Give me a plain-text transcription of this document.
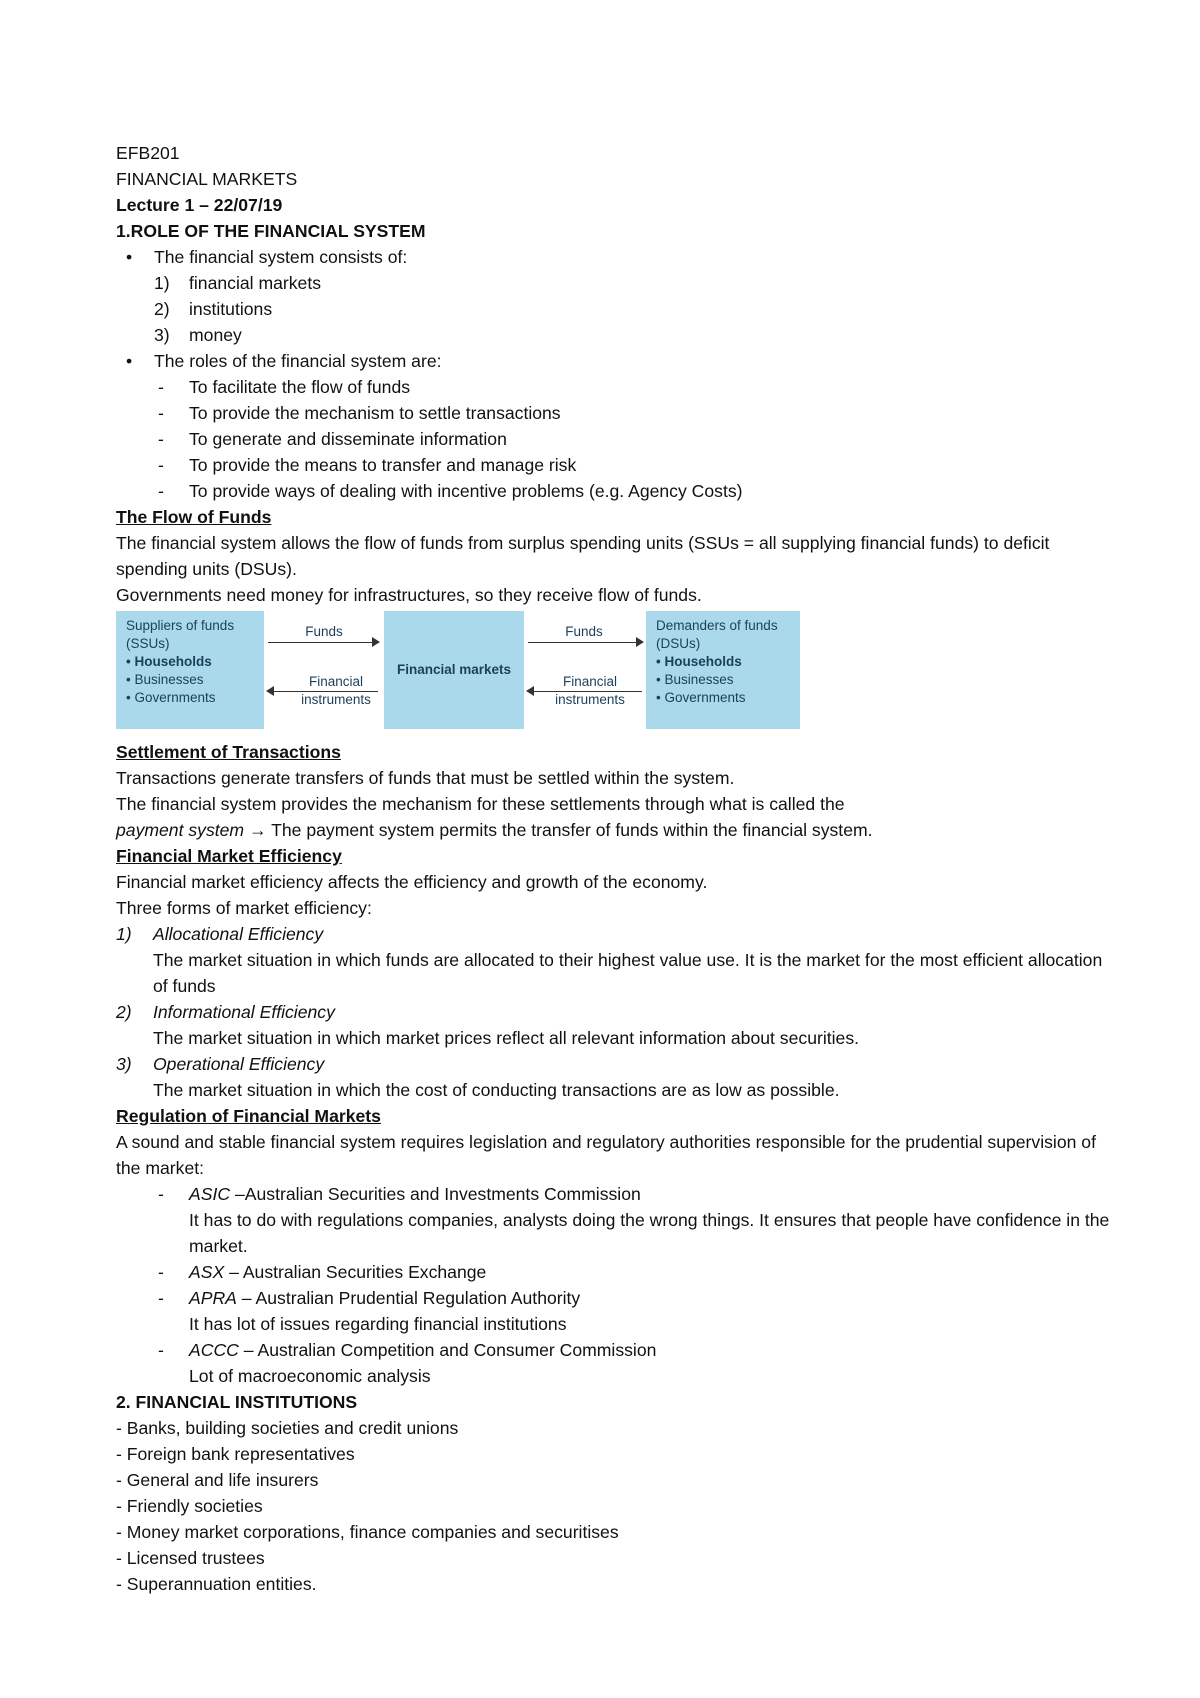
EFB201
FINANCIAL MARKETS
Lecture 1 – 22/07/19
1.ROLE OF THE FINANCIAL SYSTEM
• The financial system consists of:
1) financial markets
2) institutions
3) money
• The roles of the financial system are:
- To facilitate the flow of funds
- To provide the mechanism to settle transactions
- To generate and disseminate information
- To provide the means to transfer and manage risk
- To provide ways of dealing with incentive problems (e.g. Agency Costs)
The Flow of Funds
The financial system allows the flow of funds from surplus spending units (SSUs = all supplying financial funds) to deficit spending units (DSUs).
Governments need money for infrastructures, so they receive flow of funds.
Suppliers of funds
(SSUs)
• Households
• Businesses
• Governments
Funds
Financial
instruments
Financial markets
Funds
Financial
instruments
Demanders of funds
(DSUs)
• Households
• Businesses
• Governments
Settlement of Transactions
Transactions generate transfers of funds that must be settled within the system.
The financial system provides the mechanism for these settlements through what is called the
payment system → The payment system permits the transfer of funds within the financial system.
Financial Market Efficiency
Financial market efficiency affects the efficiency and growth of the economy.
Three forms of market efficiency:
1) Allocational Efficiency
The market situation in which funds are allocated to their highest value use. It is the market for the most efficient allocation of funds
2) Informational Efficiency
The market situation in which market prices reflect all relevant information about securities.
3) Operational Efficiency
The market situation in which the cost of conducting transactions are as low as possible.
Regulation of Financial Markets
A sound and stable financial system requires legislation and regulatory authorities responsible for the prudential supervision of the market:
- ASIC –Australian Securities and Investments Commission
It has to do with regulations companies, analysts doing the wrong things. It ensures that people have confidence in the market.
- ASX – Australian Securities Exchange
- APRA – Australian Prudential Regulation Authority
It has lot of issues regarding financial institutions
- ACCC – Australian Competition and Consumer Commission
Lot of macroeconomic analysis
2. FINANCIAL INSTITUTIONS
- Banks, building societies and credit unions
- Foreign bank representatives
- General and life insurers
- Friendly societies
- Money market corporations, finance companies and securitises
- Licensed trustees
- Superannuation entities.
